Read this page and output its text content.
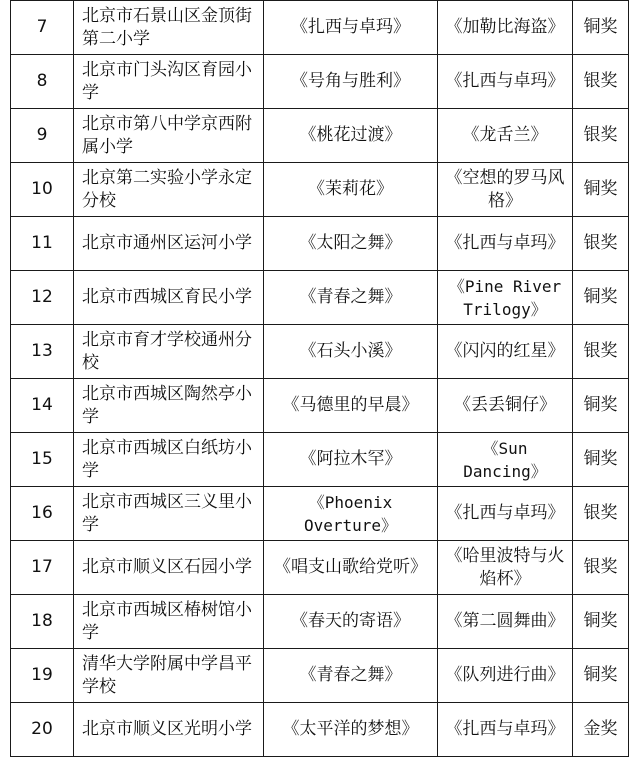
7	北京市石景山区金顶街第二小学	《扎西与卓玛》	《加勒比海盗》	铜奖
8	北京市门头沟区育园小学	《号角与胜利》	《扎西与卓玛》	银奖
9	北京市第八中学京西附属小学	《桃花过渡》	《龙舌兰》	银奖
10	北京第二实验小学永定分校	《茉莉花》	《空想的罗马风格》	铜奖
11	北京市通州区运河小学	《太阳之舞》	《扎西与卓玛》	银奖
12	北京市西城区育民小学	《青春之舞》	《Pine River Trilogy》	铜奖
13	北京市育才学校通州分校	《石头小溪》	《闪闪的红星》	银奖
14	北京市西城区陶然亭小学	《马德里的早晨》	《丢丢铜仔》	铜奖
15	北京市西城区白纸坊小学	《阿拉木罕》	《Sun Dancing》	铜奖
16	北京市西城区三义里小学	《Phoenix Overture》	《扎西与卓玛》	银奖
17	北京市顺义区石园小学	《唱支山歌给党听》	《哈里波特与火焰杯》	银奖
18	北京市西城区椿树馆小学	《春天的寄语》	《第二圆舞曲》	铜奖
19	清华大学附属中学昌平学校	《青春之舞》	《队列进行曲》	铜奖
20	北京市顺义区光明小学	《太平洋的梦想》	《扎西与卓玛》	金奖
